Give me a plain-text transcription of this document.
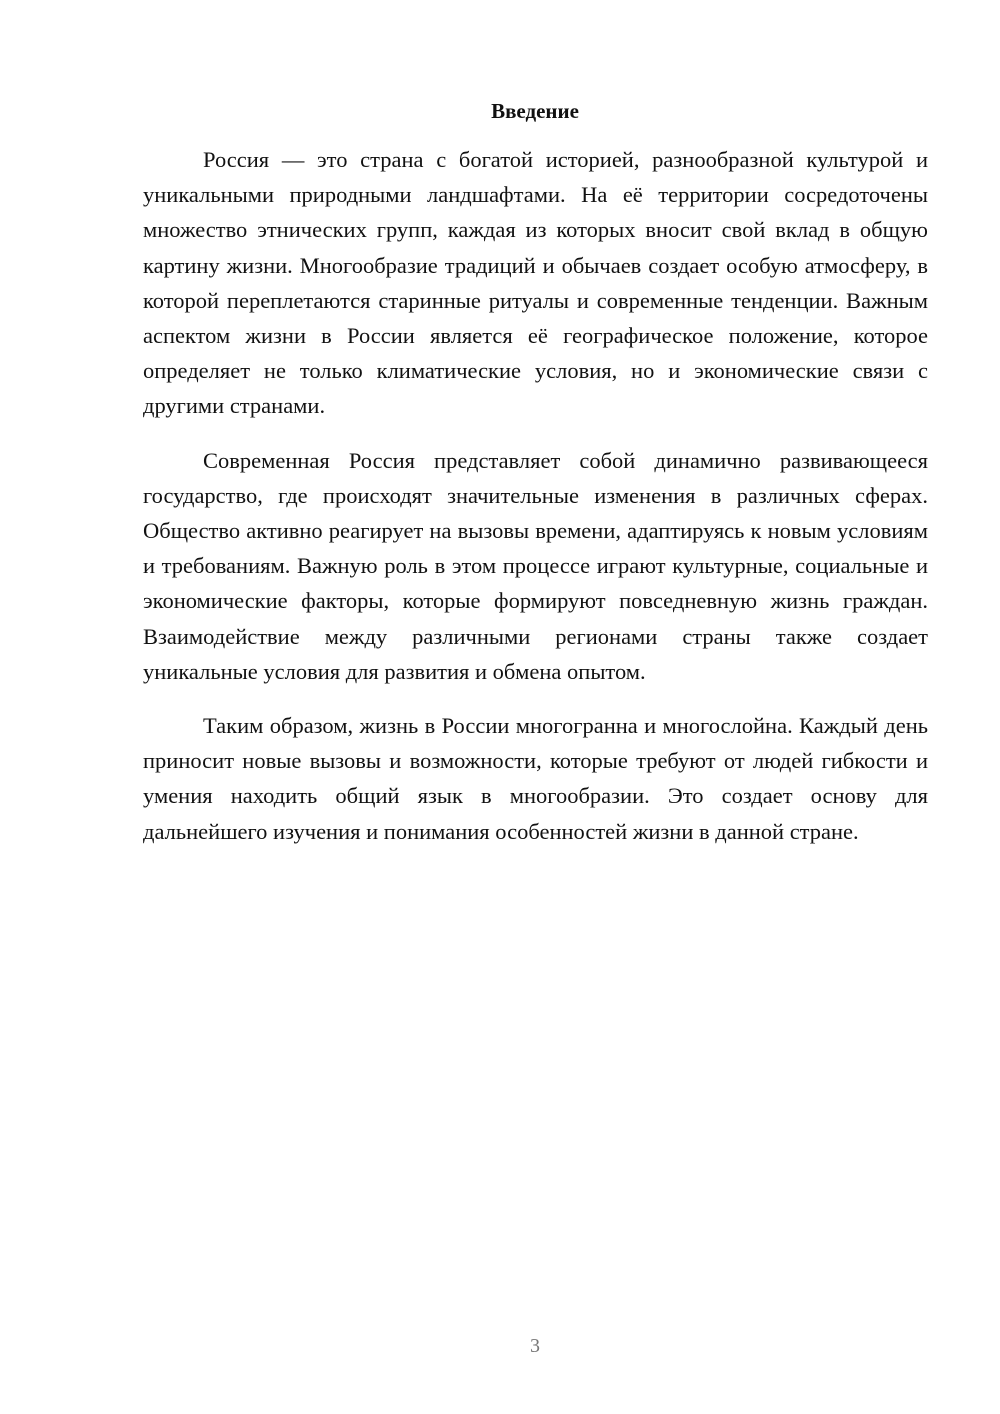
Введение

Россия — это страна с богатой историей, разнообразной культурой и уникальными природными ландшафтами. На её территории сосредоточены множество этнических групп, каждая из которых вносит свой вклад в общую картину жизни. Многообразие традиций и обычаев создает особую атмосферу, в которой переплетаются старинные ритуалы и современные тенденции. Важным аспектом жизни в России является её географическое положение, которое определяет не только климатические условия, но и экономические связи с другими странами.

Современная Россия представляет собой динамично развивающееся государство, где происходят значительные изменения в различных сферах. Общество активно реагирует на вызовы времени, адаптируясь к новым условиям и требованиям. Важную роль в этом процессе играют культурные, социальные и экономические факторы, которые формируют повседневную жизнь граждан. Взаимодействие между различными регионами страны также создает уникальные условия для развития и обмена опытом.

Таким образом, жизнь в России многогранна и многослойна. Каждый день приносит новые вызовы и возможности, которые требуют от людей гибкости и умения находить общий язык в многообразии. Это создает основу для дальнейшего изучения и понимания особенностей жизни в данной стране.

3
